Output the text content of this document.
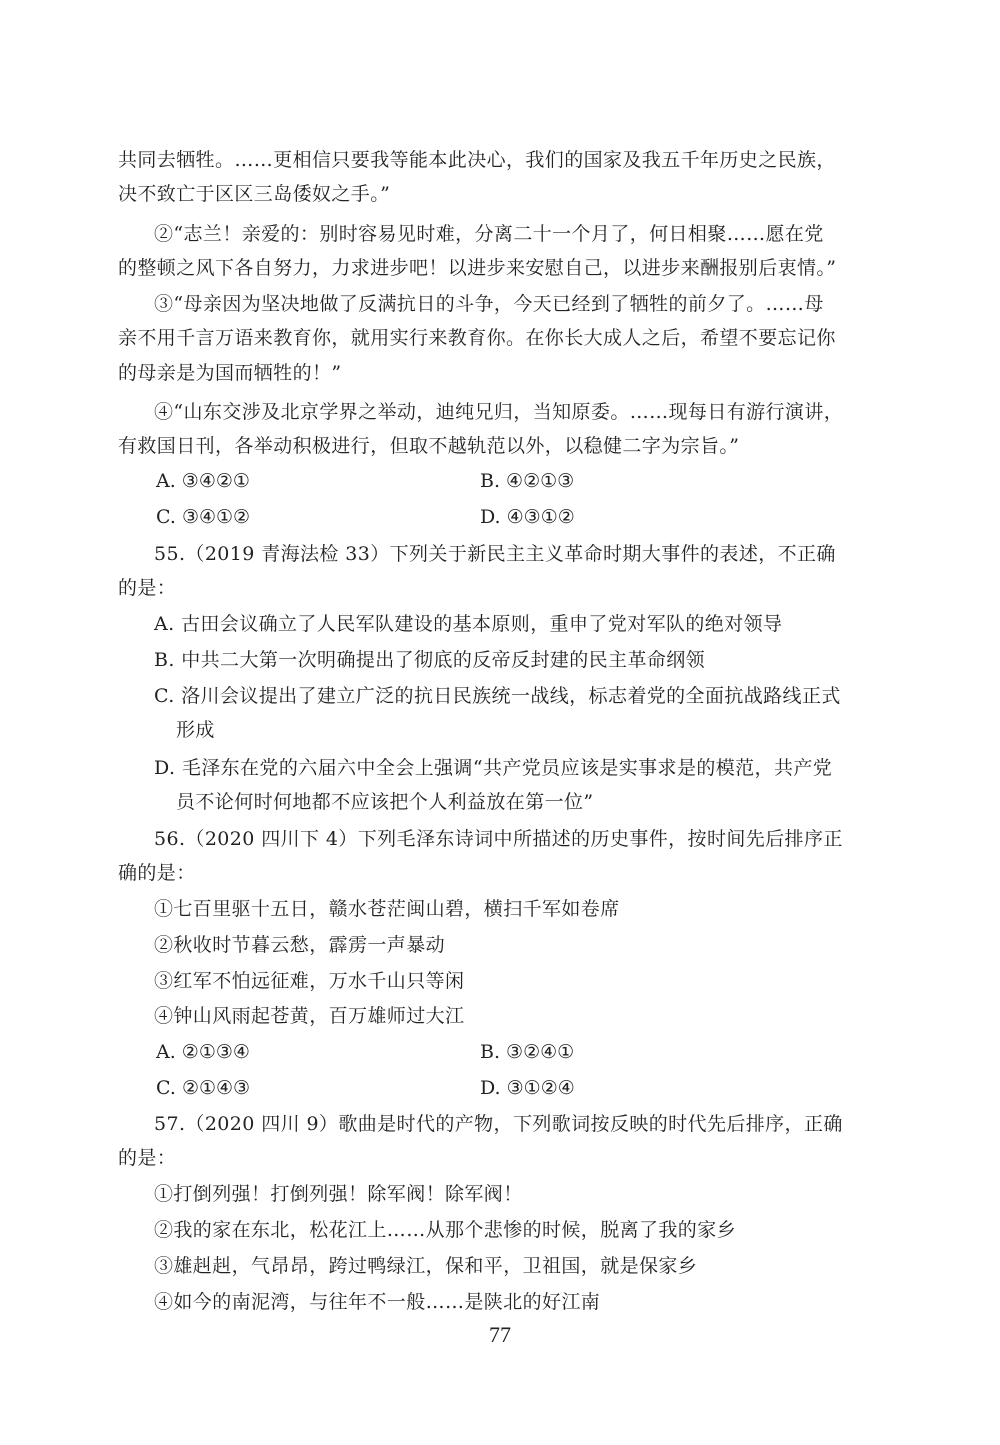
共同去牺牲。……更相信只要我等能本此决心，我们的国家及我五千年历史之民族，
决不致亡于区区三岛倭奴之手。”
②“志兰！亲爱的：别时容易见时难，分离二十一个月了，何日相聚……愿在党
的整顿之风下各自努力，力求进步吧！以进步来安慰自己，以进步来酬报别后衷情。”
③“母亲因为坚决地做了反满抗日的斗争，今天已经到了牺牲的前夕了。……母
亲不用千言万语来教育你，就用实行来教育你。在你长大成人之后，希望不要忘记你
的母亲是为国而牺牲的！”
④“山东交涉及北京学界之举动，迪纯兄归，当知原委。……现每日有游行演讲，
有救国日刊，各举动积极进行，但取不越轨范以外，以稳健二字为宗旨。”
A. ③④②①	B. ④②①③
C. ③④①②	D. ④③①②
55.（2019 青海法检 33）下列关于新民主主义革命时期大事件的表述，不正确
的是：
A. 古田会议确立了人民军队建设的基本原则，重申了党对军队的绝对领导
B. 中共二大第一次明确提出了彻底的反帝反封建的民主革命纲领
C. 洛川会议提出了建立广泛的抗日民族统一战线，标志着党的全面抗战路线正式
形成
D. 毛泽东在党的六届六中全会上强调“共产党员应该是实事求是的模范，共产党
员不论何时何地都不应该把个人利益放在第一位”
56.（2020 四川下 4）下列毛泽东诗词中所描述的历史事件，按时间先后排序正
确的是：
①七百里驱十五日，赣水苍茫闽山碧，横扫千军如卷席
②秋收时节暮云愁，霹雳一声暴动
③红军不怕远征难，万水千山只等闲
④钟山风雨起苍黄，百万雄师过大江
A. ②①③④	B. ③②④①
C. ②①④③	D. ③①②④
57.（2020 四川 9）歌曲是时代的产物，下列歌词按反映的时代先后排序，正确
的是：
①打倒列强！打倒列强！除军阀！除军阀！
②我的家在东北，松花江上……从那个悲惨的时候，脱离了我的家乡
③雄赳赳，气昂昂，跨过鸭绿江，保和平，卫祖国，就是保家乡
④如今的南泥湾，与往年不一般……是陕北的好江南
77
